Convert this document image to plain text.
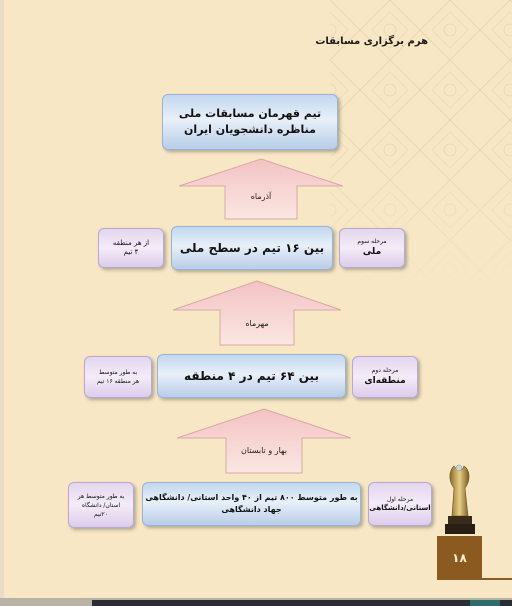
هرم برگزاری مسابقات
تیم قهرمان مسابقات ملی
مناظره دانشجویان ایران
آذرماه
از هر منطقه
۴ تیم	بین ۱۶ تیم در سطح ملی	مرحله سوم
ملی
مهرماه
به طور متوسط
هر منطقه ۱۶ تیم	بین ۶۴ تیم در ۴ منطقه	مرحله دوم
منطقه‌ای
بهار و تابستان
به طور متوسط هر
استان/ دانشگاه
۲۰تیم
به طور متوسط ۸۰۰ تیم از ۴۰ واحد استانی/ دانشگاهی
جهاد دانشگاهی
مرحله اول
استانی/دانشگاهی
۱۸
